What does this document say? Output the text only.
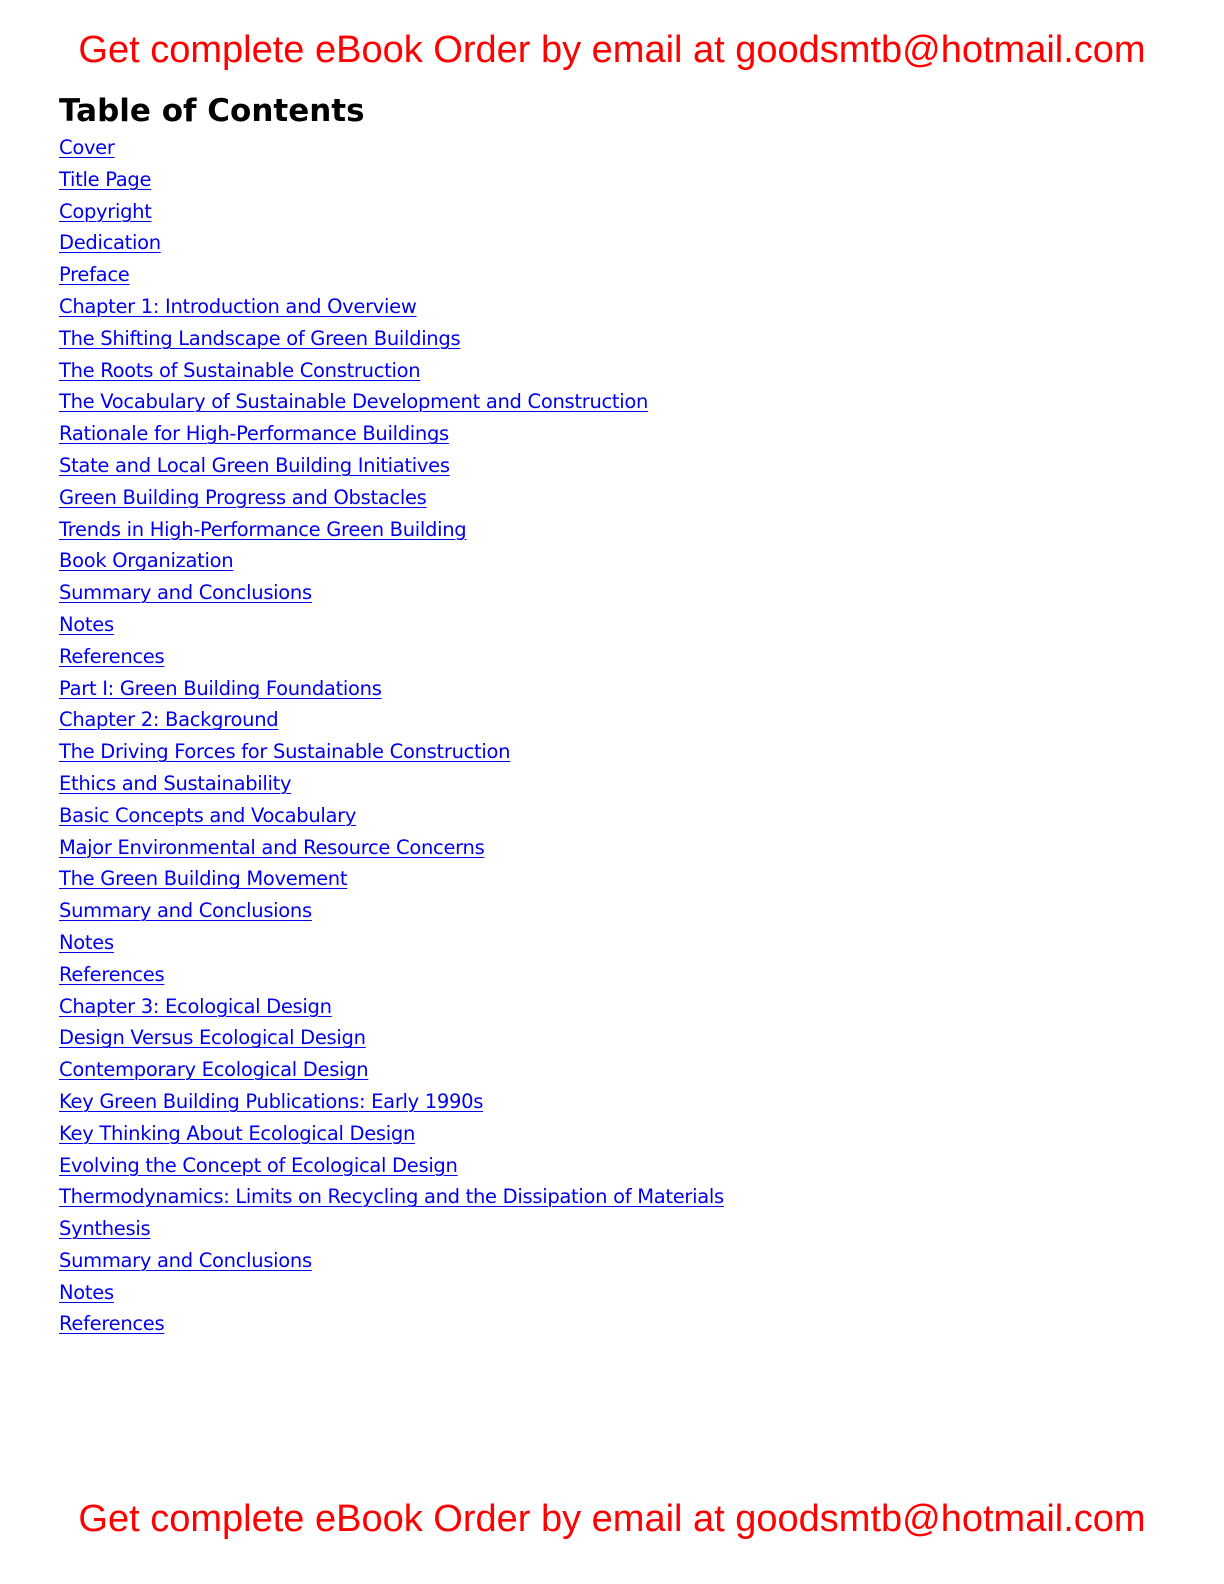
Get complete eBook Order by email at goodsmtb@hotmail.com
Table of Contents
Cover
Title Page
Copyright
Dedication
Preface
Chapter 1: Introduction and Overview
The Shifting Landscape of Green Buildings
The Roots of Sustainable Construction
The Vocabulary of Sustainable Development and Construction
Rationale for High-Performance Buildings
State and Local Green Building Initiatives
Green Building Progress and Obstacles
Trends in High-Performance Green Building
Book Organization
Summary and Conclusions
Notes
References
Part I: Green Building Foundations
Chapter 2: Background
The Driving Forces for Sustainable Construction
Ethics and Sustainability
Basic Concepts and Vocabulary
Major Environmental and Resource Concerns
The Green Building Movement
Summary and Conclusions
Notes
References
Chapter 3: Ecological Design
Design Versus Ecological Design
Contemporary Ecological Design
Key Green Building Publications: Early 1990s
Key Thinking About Ecological Design
Evolving the Concept of Ecological Design
Thermodynamics: Limits on Recycling and the Dissipation of Materials
Synthesis
Summary and Conclusions
Notes
References
Get complete eBook Order by email at goodsmtb@hotmail.com
